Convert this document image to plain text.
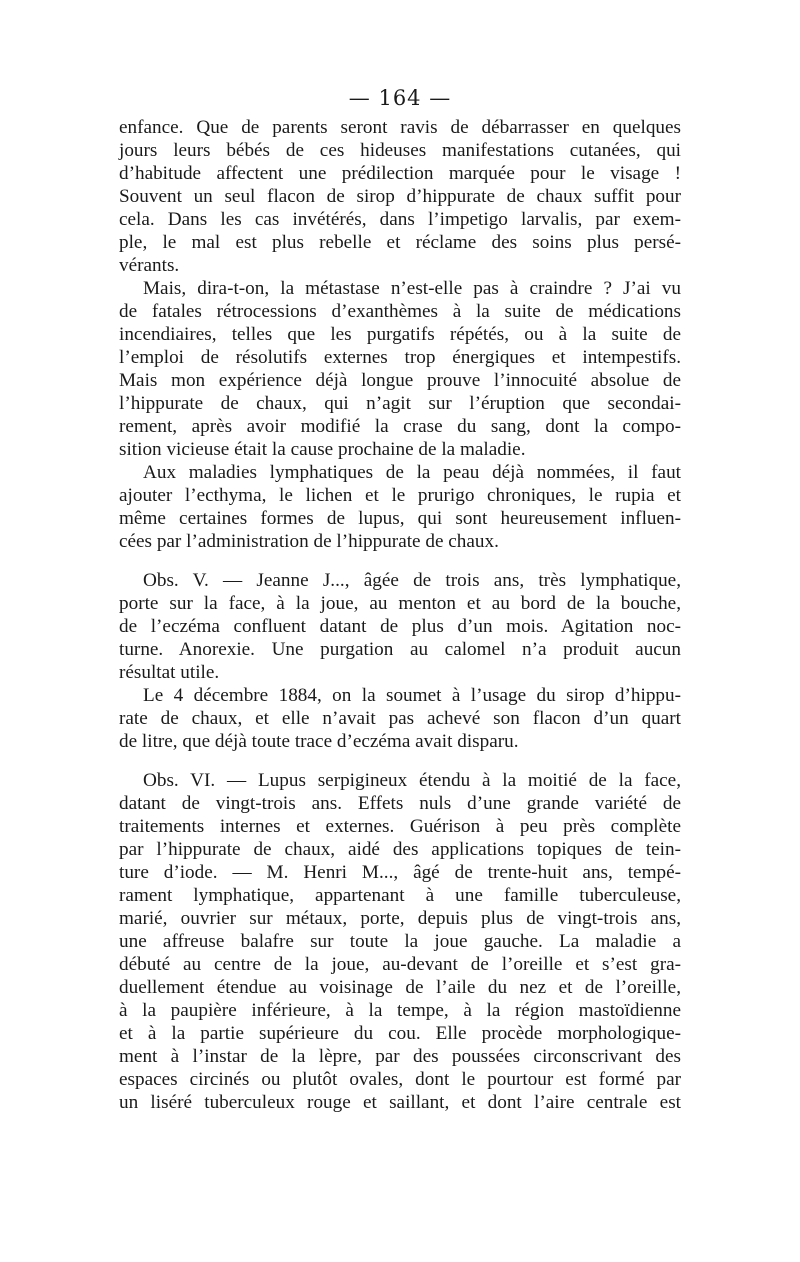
— 164 —
enfance. Que de parents seront ravis de débarrasser en quelques
jours leurs bébés de ces hideuses manifestations cutanées, qui
d’habitude affectent une prédilection marquée pour le visage !
Souvent un seul flacon de sirop d’hippurate de chaux suffit pour
cela. Dans les cas invétérés, dans l’impetigo larvalis, par exem-
ple, le mal est plus rebelle et réclame des soins plus persé-
vérants.
Mais, dira-t-on, la métastase n’est-elle pas à craindre ? J’ai vu
de fatales rétrocessions d’exanthèmes à la suite de médications
incendiaires, telles que les purgatifs répétés, ou à la suite de
l’emploi de résolutifs externes trop énergiques et intempestifs.
Mais mon expérience déjà longue prouve l’innocuité absolue de
l’hippurate de chaux, qui n’agit sur l’éruption que secondai-
rement, après avoir modifié la crase du sang, dont la compo-
sition vicieuse était la cause prochaine de la maladie.
Aux maladies lymphatiques de la peau déjà nommées, il faut
ajouter l’ecthyma, le lichen et le prurigo chroniques, le rupia et
même certaines formes de lupus, qui sont heureusement influen-
cées par l’administration de l’hippurate de chaux.
Obs. V. — Jeanne J..., âgée de trois ans, très lymphatique,
porte sur la face, à la joue, au menton et au bord de la bouche,
de l’eczéma confluent datant de plus d’un mois. Agitation noc-
turne. Anorexie. Une purgation au calomel n’a produit aucun
résultat utile.
Le 4 décembre 1884, on la soumet à l’usage du sirop d’hippu-
rate de chaux, et elle n’avait pas achevé son flacon d’un quart
de litre, que déjà toute trace d’eczéma avait disparu.
Obs. VI. — Lupus serpigineux étendu à la moitié de la face,
datant de vingt-trois ans. Effets nuls d’une grande variété de
traitements internes et externes. Guérison à peu près complète
par l’hippurate de chaux, aidé des applications topiques de tein-
ture d’iode. — M. Henri M..., âgé de trente-huit ans, tempé-
rament lymphatique, appartenant à une famille tuberculeuse,
marié, ouvrier sur métaux, porte, depuis plus de vingt-trois ans,
une affreuse balafre sur toute la joue gauche. La maladie a
débuté au centre de la joue, au-devant de l’oreille et s’est gra-
duellement étendue au voisinage de l’aile du nez et de l’oreille,
à la paupière inférieure, à la tempe, à la région mastoïdienne
et à la partie supérieure du cou. Elle procède morphologique-
ment à l’instar de la lèpre, par des poussées circonscrivant des
espaces circinés ou plutôt ovales, dont le pourtour est formé par
un liséré tuberculeux rouge et saillant, et dont l’aire centrale est
